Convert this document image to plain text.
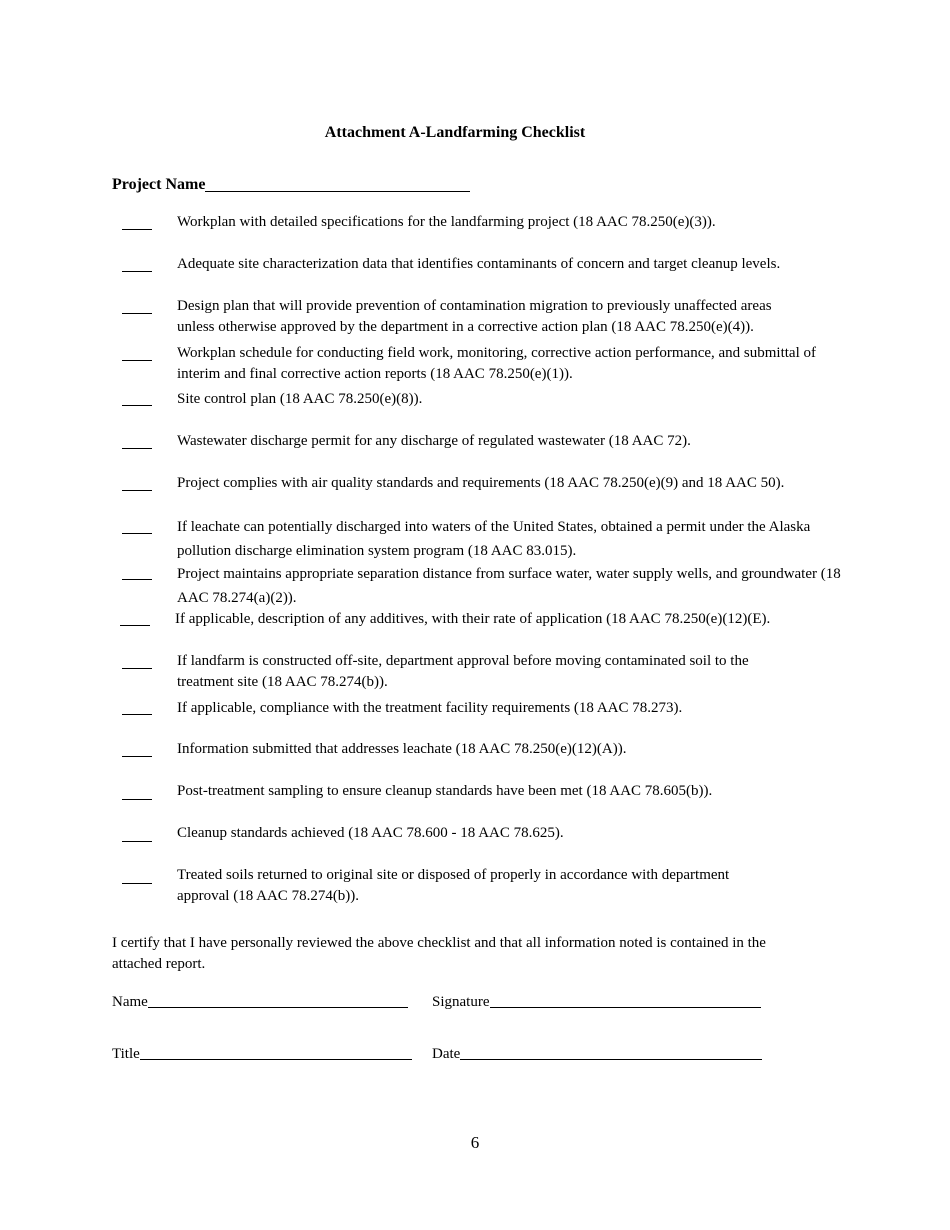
Attachment A-Landfarming Checklist
Project Name
Workplan with detailed specifications for the landfarming project (18 AAC 78.250(e)(3)).
Adequate site characterization data that identifies contaminants of concern and target cleanup levels.
Design plan that will provide prevention of contamination migration to previously unaffected areas unless otherwise approved by the department in a corrective action plan (18 AAC 78.250(e)(4)).
Workplan schedule for conducting field work, monitoring, corrective action performance, and submittal of interim and final corrective action reports (18 AAC 78.250(e)(1)).
Site control plan (18 AAC 78.250(e)(8)).
Wastewater discharge permit for any discharge of regulated wastewater (18 AAC 72).
Project complies with air quality standards and requirements (18 AAC 78.250(e)(9) and 18 AAC 50).
If leachate can potentially discharged into waters of the United States, obtained a permit under the Alaska pollution discharge elimination system program (18 AAC 83.015).
Project maintains appropriate separation distance from surface water, water supply wells, and groundwater (18 AAC 78.274(a)(2)).
If applicable, description of any additives, with their rate of application (18 AAC 78.250(e)(12)(E).
If landfarm is constructed off-site, department approval before moving contaminated soil to the treatment site (18 AAC 78.274(b)).
If applicable, compliance with the treatment facility requirements (18 AAC 78.273).
Information submitted that addresses leachate (18 AAC 78.250(e)(12)(A)).
Post-treatment sampling to ensure cleanup standards have been met (18 AAC 78.605(b)).
Cleanup standards achieved (18 AAC 78.600 - 18 AAC 78.625).
Treated soils returned to original site or disposed of properly in accordance with department approval (18 AAC 78.274(b)).
I certify that I have personally reviewed the above checklist and that all information noted is contained in the attached report.
Name	Signature
Title	Date
6
